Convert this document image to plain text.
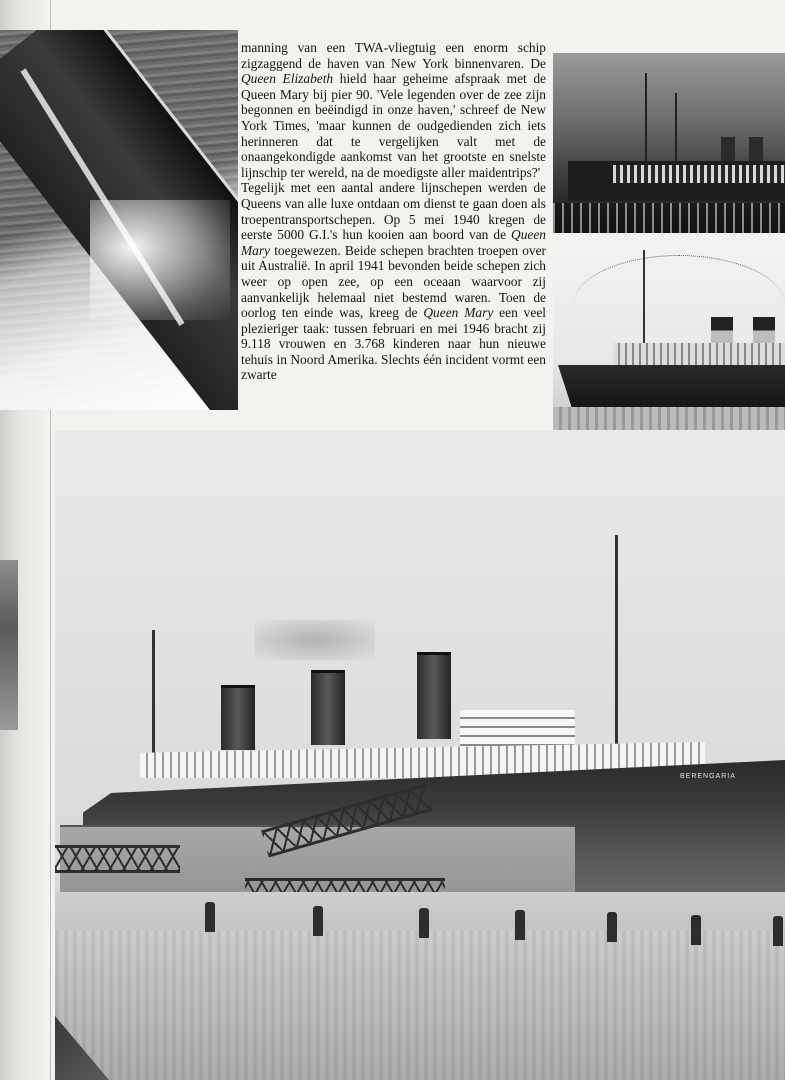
manning van een TWA-vliegtuig een enorm schip zigzaggend de haven van New York binnenvaren. De Queen Elizabeth hield haar geheime afspraak met de Queen Mary bij pier 90. 'Vele legenden over de zee zijn begonnen en beëindigd in onze haven,' schreef de New York Times, 'maar kunnen de oudgedienden zich iets herinneren dat te vergelijken valt met de onaangekondigde aankomst van het grootste en snelste lijnschip ter wereld, na de moedigste aller maidentrips?'

Tegelijk met een aantal andere lijnschepen werden de Queens van alle luxe ontdaan om dienst te gaan doen als troepentransportschepen. Op 5 mei 1940 kregen de eerste 5000 G.I.'s hun kooien aan boord van de Queen Mary toegewezen. Beide schepen brachten troepen over uit Australië. In april 1941 bevonden beide schepen zich weer op open zee, op een oceaan waarvoor zij aanvankelijk helemaal niet bestemd waren. Toen de oorlog ten einde was, kreeg de Queen Mary een veel plezieriger taak: tussen februari en mei 1946 bracht zij 9.118 vrouwen en 3.768 kinderen naar hun nieuwe tehuis in Noord Amerika. Slechts één incident vormt een zwarte

BERENGARIA
